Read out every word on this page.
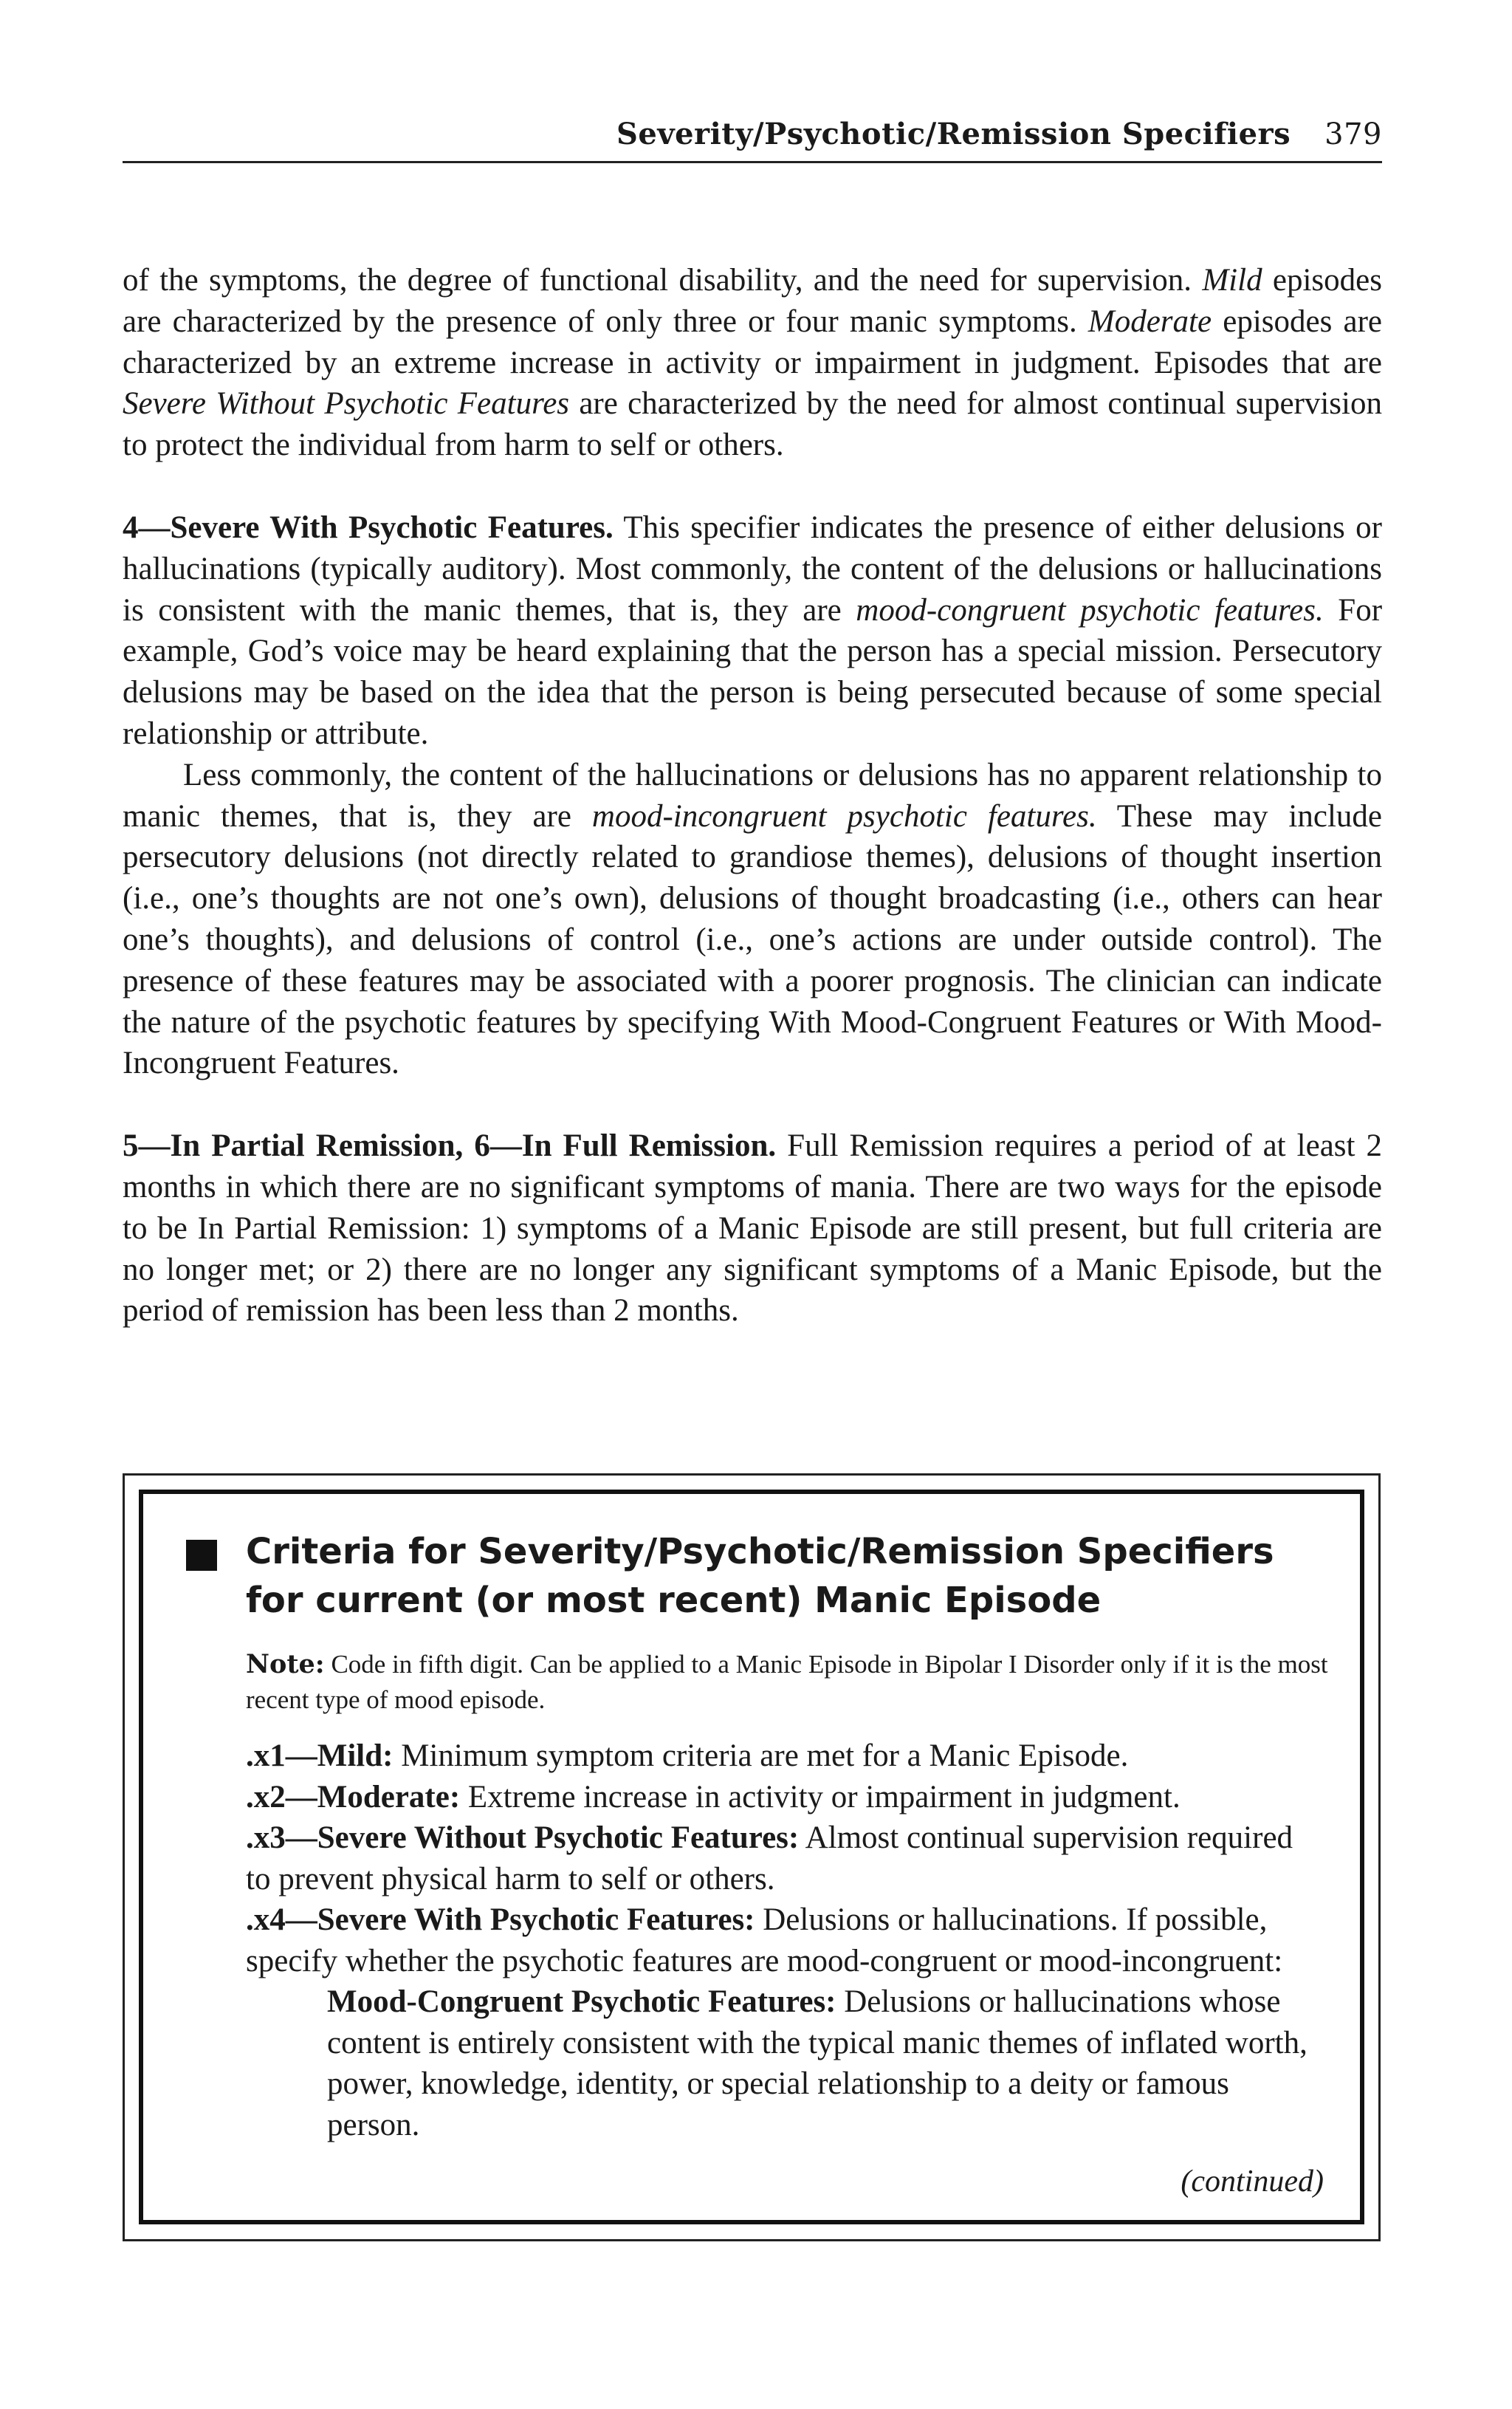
Severity/Psychotic/Remission Specifiers 379

of the symptoms, the degree of functional disability, and the need for supervision. Mild episodes are characterized by the presence of only three or four manic symptoms. Moderate episodes are characterized by an extreme increase in activity or impairment in judgment. Episodes that are Severe Without Psychotic Features are characterized by the need for almost continual supervision to protect the individual from harm to self or others.

4—Severe With Psychotic Features. This specifier indicates the presence of either delusions or hallucinations (typically auditory). Most commonly, the content of the delusions or hallucinations is consistent with the manic themes, that is, they are mood-congruent psychotic features. For example, God’s voice may be heard explaining that the person has a special mission. Persecutory delusions may be based on the idea that the person is being persecuted because of some special relationship or attribute.

Less commonly, the content of the hallucinations or delusions has no apparent relationship to manic themes, that is, they are mood-incongruent psychotic features. These may include persecutory delusions (not directly related to grandiose themes), delusions of thought insertion (i.e., one’s thoughts are not one’s own), delusions of thought broadcasting (i.e., others can hear one’s thoughts), and delusions of control (i.e., one’s actions are under outside control). The presence of these features may be associated with a poorer prognosis. The clinician can indicate the nature of the psychotic features by specifying With Mood-Congruent Features or With Mood-Incongruent Features.

5—In Partial Remission, 6—In Full Remission. Full Remission requires a period of at least 2 months in which there are no significant symptoms of mania. There are two ways for the episode to be In Partial Remission: 1) symptoms of a Manic Episode are still present, but full criteria are no longer met; or 2) there are no longer any significant symptoms of a Manic Episode, but the period of remission has been less than 2 months.

Criteria for Severity/Psychotic/Remission Specifiers
for current (or most recent) Manic Episode
Note: Code in fifth digit. Can be applied to a Manic Episode in Bipolar I Disorder only if it is the most recent type of mood episode.

.x1—Mild: Minimum symptom criteria are met for a Manic Episode.

.x2—Moderate: Extreme increase in activity or impairment in judgment.

.x3—Severe Without Psychotic Features: Almost continual supervision required to prevent physical harm to self or others.

.x4—Severe With Psychotic Features: Delusions or hallucinations. If possible, specify whether the psychotic features are mood-congruent or mood-incongruent:

Mood-Congruent Psychotic Features: Delusions or hallucinations whose content is entirely consistent with the typical manic themes of inflated worth, power, knowledge, identity, or special relationship to a deity or famous person.

(continued)
